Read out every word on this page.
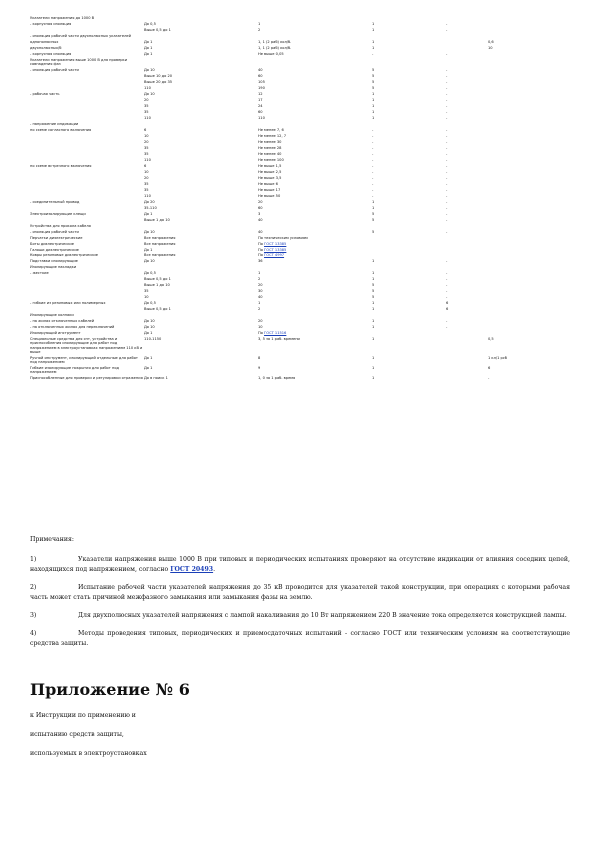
Указатели напряжения до 1000 В					
- корпусная изоляция	До 0,5	1	1	-	
	Выше 0,5 до 1	2	1	-	
- изоляция рабочей части двухполюсных указателей					
однополюсных	До 1	1, 1 (2 раб) кол/б.	1		0,6
двухполюсных/б	До 1	1, 1 (2 раб) кол/б.	1		10
- корпусная изоляция	До 1	Не выше 0,05	-	-	
Указатели напряжения выше 1000 В для проверки совпадения фаз					
- изоляция рабочей части	До 10	40	5	-	
	Выше 10 до 20	60	5	-	
	Выше 20 до 35	105	5	-	
	110	190	5	-	
- рабочая часть	До 10	12	1	-	
	20	17	1	-	
	35	24	1	-	
	35	60	1	-	
	110	110	1	-	
- напряжение индикации					
по схеме согласного включения	6	Не менее 7, 6	-	-	
	10	Не менее 12, 7	-	-	
	20	Не менее 30	-	-	
	35	Не менее 28	-	-	
	35	Не менее 40	-	-	
	110	Не менее 100	-	-	
по схеме встречного включения	6	Не выше 1,5	-	-	
	10	Не выше 2,5	-	-	
	20	Не выше 3,5	-	-	
	35	Не выше 6	-	-	
	35	Не выше 17	-	-	
	110	Не выше 50	-	-	
- соединительный провод	До 20	20	1	-	
	35-110	60	1	-	
Электроизолирующие клещи	До 1	3	5	-	
	Выше 1 до 10	40	5	-	
Устройства для прокола кабеля					
- изоляция рабочей части	До 10	40	5	-	
Перчатки диэлектрические	Все напряжения	По техническим условиям			
Боты диэлектрические	Все напряжения	По ГОСТ 13385			
Галоши диэлектрические	До 1	По ГОСТ 13385			
Ковры резиновые диэлектрические	Все напряжения	По ГОСТ 4997			
Подставки изолирующие	До 10	36	1	-	
Изолирующие накладки					
- жесткие	До 0,5	1	1	-	
	Выше 0,5 до 1	2	1	-	
	Выше 1 до 10	20	5	-	
	35	30	5	-	
	10	40	5	-	
- гибкие из резиновых или полимерных	До 0,5	1	1	6	
	Выше 0,5 до 1	2	1	6	
Изолирующие колпаки					
- на жилах отключенных кабелей	До 10	20	1	-	
- на отключенных жилах для переключений	До 10	10	1	-	
Изолирующий инструмент	До 1	По ГОСТ 11516			
Специальные средства для снт, устройства и приспособления изолирующие для работ под напряжением в электроустановках напряжением 110 кВ и выше	110-1150	3, 5 за 1 раб. времени	1		0,5
Ручной инструмент, изолирующий отдельные для работ под напряжением	До 1	8	1		1 кл/1 рсб
Гибкие изолирующие покрытия для работ под напряжением	До 1	9	1		6
Приспособленные для проверки и регулировки отражения	До в поиск 1	1, 0 за 1 раб. время	1		-

Примечания:

1)	Указатели напряжения выше 1000 В при типовых и периодических испытаниях проверяют на отсутствие индикации от влияния соседних цепей, находящихся под напряжением, согласно ГОСТ 20493.

2)	Испытание рабочей части указателей напряжения до 35 кВ проводится для указателей такой конструкции, при операциях с которыми рабочая часть может стать причиной межфазного замыкания или замыкания фазы на землю.

3)	Для двухполюсных указателей напряжения с лампой накаливания до 10 Вт напряжением 220 В значение тока определяется конструкцией лампы.

4)	Методы проведения типовых, периодических и приемосдаточных испытаний - согласно ГОСТ или техническим условиям на соответствующие средства защиты.

Приложение № 6
к Инструкции по применению и
испытанию средств защиты,
используемых в электроустановках
